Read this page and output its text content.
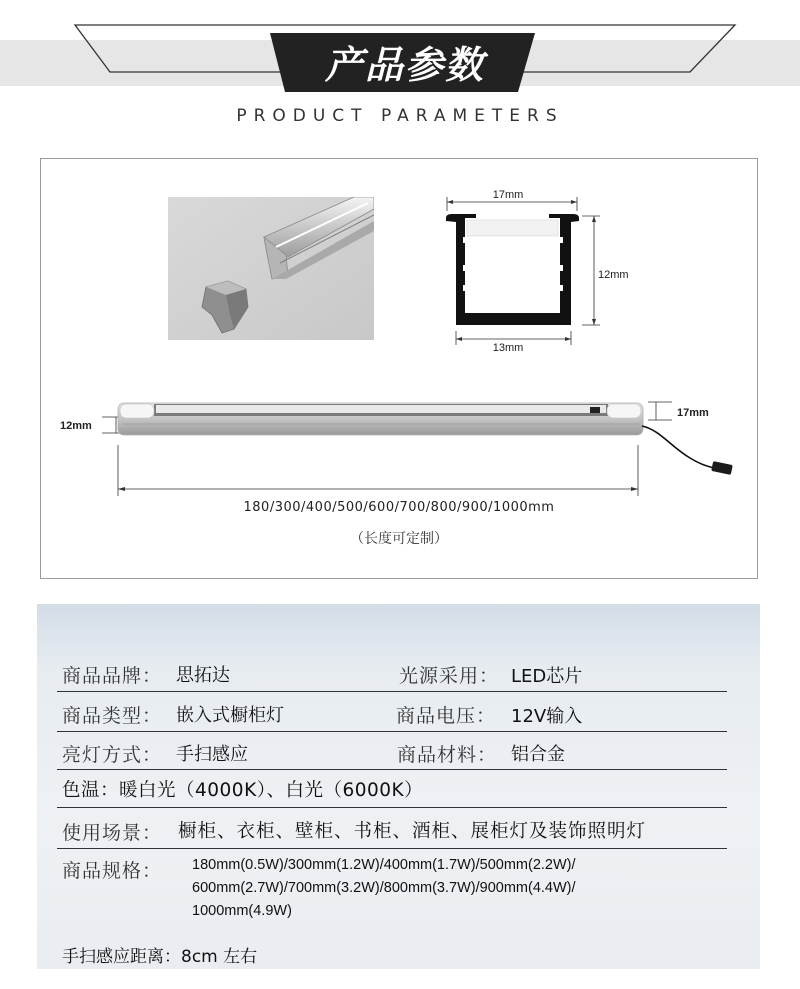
产品参数
PRODUCT PARAMETERS
17mm
12mm
13mm
12mm
17mm
180/300/400/500/600/700/800/900/1000mm
（长度可定制）
商品品牌： 思拓达	光源采用： LED芯片
商品类型： 嵌入式橱柜灯	商品电压： 12V输入
亮灯方式： 手扫感应	商品材料： 铝合金
色温：暖白光（4000K）、白光（6000K）
使用场景： 橱柜、衣柜、壁柜、书柜、酒柜、展柜灯及装饰照明灯
商品规格： 180mm(0.5W)/300mm(1.2W)/400mm(1.7W)/500mm(2.2W)/
600mm(2.7W)/700mm(3.2W)/800mm(3.7W)/900mm(4.4W)/
1000mm(4.9W)
手扫感应距离：8cm 左右
